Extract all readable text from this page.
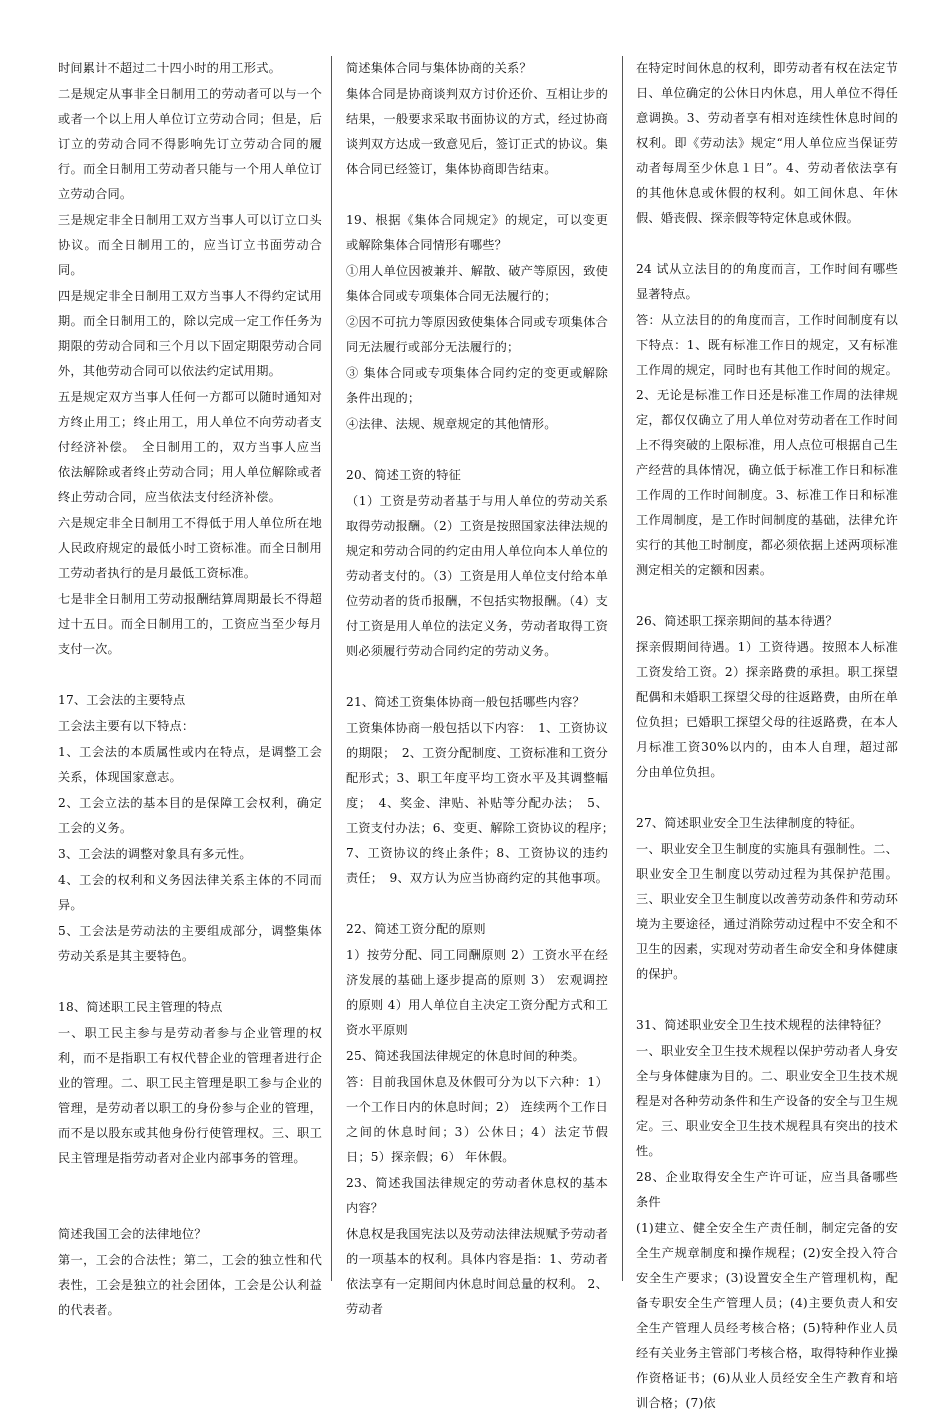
时间累计不超过二十四小时的用工形式。
二是规定从事非全日制用工的劳动者可以与一个或者一个以上用人单位订立劳动合同；但是，后订立的劳动合同不得影响先订立劳动合同的履行。而全日制用工劳动者只能与一个用人单位订立劳动合同。
三是规定非全日制用工双方当事人可以订立口头协议。而全日制用工的，应当订立书面劳动合同。
四是规定非全日制用工双方当事人不得约定试用期。而全日制用工的，除以完成一定工作任务为期限的劳动合同和三个月以下固定期限劳动合同外，其他劳动合同可以依法约定试用期。
五是规定双方当事人任何一方都可以随时通知对方终止用工；终止用工，用人单位不向劳动者支付经济补偿。　全日制用工的，双方当事人应当依法解除或者终止劳动合同；用人单位解除或者终止劳动合同，应当依法支付经济补偿。
六是规定非全日制用工不得低于用人单位所在地人民政府规定的最低小时工资标准。而全日制用工劳动者执行的是月最低工资标准。
七是非全日制用工劳动报酬结算周期最长不得超过十五日。而全日制用工的，工资应当至少每月支付一次。
17、工会法的主要特点
工会法主要有以下特点：
1、工会法的本质属性或内在特点，是调整工会关系，体现国家意志。
2、工会立法的基本目的是保障工会权利，确定工会的义务。
3、工会法的调整对象具有多元性。
4、工会的权利和义务因法律关系主体的不同而异。
5、工会法是劳动法的主要组成部分，调整集体劳动关系是其主要特色。
18、简述职工民主管理的特点
一、职工民主参与是劳动者参与企业管理的权利，而不是指职工有权代替企业的管理者进行企业的管理。二、职工民主管理是职工参与企业的管理，是劳动者以职工的身份参与企业的管理，而不是以股东或其他身份行使管理权。三、职工民主管理是指劳动者对企业内部事务的管理。
简述我国工会的法律地位？
第一，工会的合法性；第二，工会的独立性和代表性，工会是独立的社会团体，工会是公认利益的代表者。
简述集体合同与集体协商的关系？
集体合同是协商谈判双方讨价还价、互相让步的结果，一般要求采取书面协议的方式，经过协商谈判双方达成一致意见后，签订正式的协议。集体合同已经签订，集体协商即告结束。
19、根据《集体合同规定》的规定，可以变更或解除集体合同情形有哪些？
①用人单位因被兼并、解散、破产等原因，致使集体合同或专项集体合同无法履行的；
②因不可抗力等原因致使集体合同或专项集体合同无法履行或部分无法履行的；
③ 集体合同或专项集体合同约定的变更或解除条件出现的；
④法律、法规、规章规定的其他情形。
20、简述工资的特征
（1）工资是劳动者基于与用人单位的劳动关系取得劳动报酬。（2）工资是按照国家法律法规的规定和劳动合同的约定由用人单位向本人单位的劳动者支付的。（3）工资是用人单位支付给本单位劳动者的货币报酬，不包括实物报酬。（4）支付工资是用人单位的法定义务，劳动者取得工资则必须履行劳动合同约定的劳动义务。
21、简述工资集体协商一般包括哪些内容？
工资集体协商一般包括以下内容：　1、工资协议的期限；　2、工资分配制度、工资标准和工资分配形式；3、职工年度平均工资水平及其调整幅度；　4、奖金、津贴、补贴等分配办法；　5、工资支付办法；6、变更、解除工资协议的程序；　7、工资协议的终止条件；8、工资协议的违约责任；　9、双方认为应当协商约定的其他事项。
22、简述工资分配的原则
1）按劳分配、同工同酬原则 2）工资水平在经济发展的基础上逐步提高的原则 3） 宏观调控的原则 4）用人单位自主决定工资分配方式和工资水平原则
25、简述我国法律规定的休息时间的种类。
答：目前我国休息及休假可分为以下六种：1）一个工作日内的休息时间；2） 连续两个工作日之间的休息时间；3）公休日；4）法定节假日；5）探亲假；6） 年休假。
23、简述我国法律规定的劳动者休息权的基本内容？
休息权是我国宪法以及劳动法律法规赋予劳动者的一项基本的权利。具体内容是指：1、劳动者依法享有一定期间内休息时间总量的权利。 2、劳动者
在特定时间休息的权利，即劳动者有权在法定节日、单位确定的公休日内休息，用人单位不得任意调换。3、劳动者享有相对连续性休息时间的权利。即《劳动法》规定“用人单位应当保证劳动者每周至少休息１日”。4、劳动者依法享有的其他休息或休假的权利。如工间休息、年休假、婚丧假、探亲假等特定休息或休假。
24 试从立法目的的角度而言，工作时间有哪些显著特点。
答：从立法目的的角度而言，工作时间制度有以下特点：1、既有标准工作日的规定，又有标准工作周的规定，同时也有其他工作时间的规定。2、无论是标准工作日还是标准工作周的法律规定，都仅仅确立了用人单位对劳动者在工作时间上不得突破的上限标准，用人点位可根据自己生产经营的具体情况，确立低于标准工作日和标准工作周的工作时间制度。3、标准工作日和标准工作周制度，是工作时间制度的基础，法律允许实行的其他工时制度，都必须依据上述两项标准测定相关的定额和因素。
26、简述职工探亲期间的基本待遇？
探亲假期间待遇。1）工资待遇。按照本人标准工资发给工资。2）探亲路费的承担。职工探望配偶和未婚职工探望父母的往返路费，由所在单位负担；已婚职工探望父母的往返路费，在本人月标准工资30%以内的，由本人自理，超过部分由单位负担。
27、简述职业安全卫生法律制度的特征。
一、职业安全卫生制度的实施具有强制性。二、职业安全卫生制度以劳动过程为其保护范围。三、职业安全卫生制度以改善劳动条件和劳动环境为主要途径，通过消除劳动过程中不安全和不卫生的因素，实现对劳动者生命安全和身体健康的保护。
31、简述职业安全卫生技术规程的法律特征？
一、职业安全卫生技术规程以保护劳动者人身安全与身体健康为目的。二、职业安全卫生技术规程是对各种劳动条件和生产设备的安全与卫生规定。三、职业安全卫生技术规程具有突出的技术性。
28、企业取得安全生产许可证，应当具备哪些条件
(1)建立、健全安全生产责任制，制定完备的安全生产规章制度和操作规程；(2)安全投入符合安全生产要求；(3)设置安全生产管理机构，配备专职安全生产管理人员；(4)主要负责人和安全生产管理人员经考核合格；(5)特种作业人员经有关业务主管部门考核合格，取得特种作业操作资格证书；(6)从业人员经安全生产教育和培训合格；(7)依
